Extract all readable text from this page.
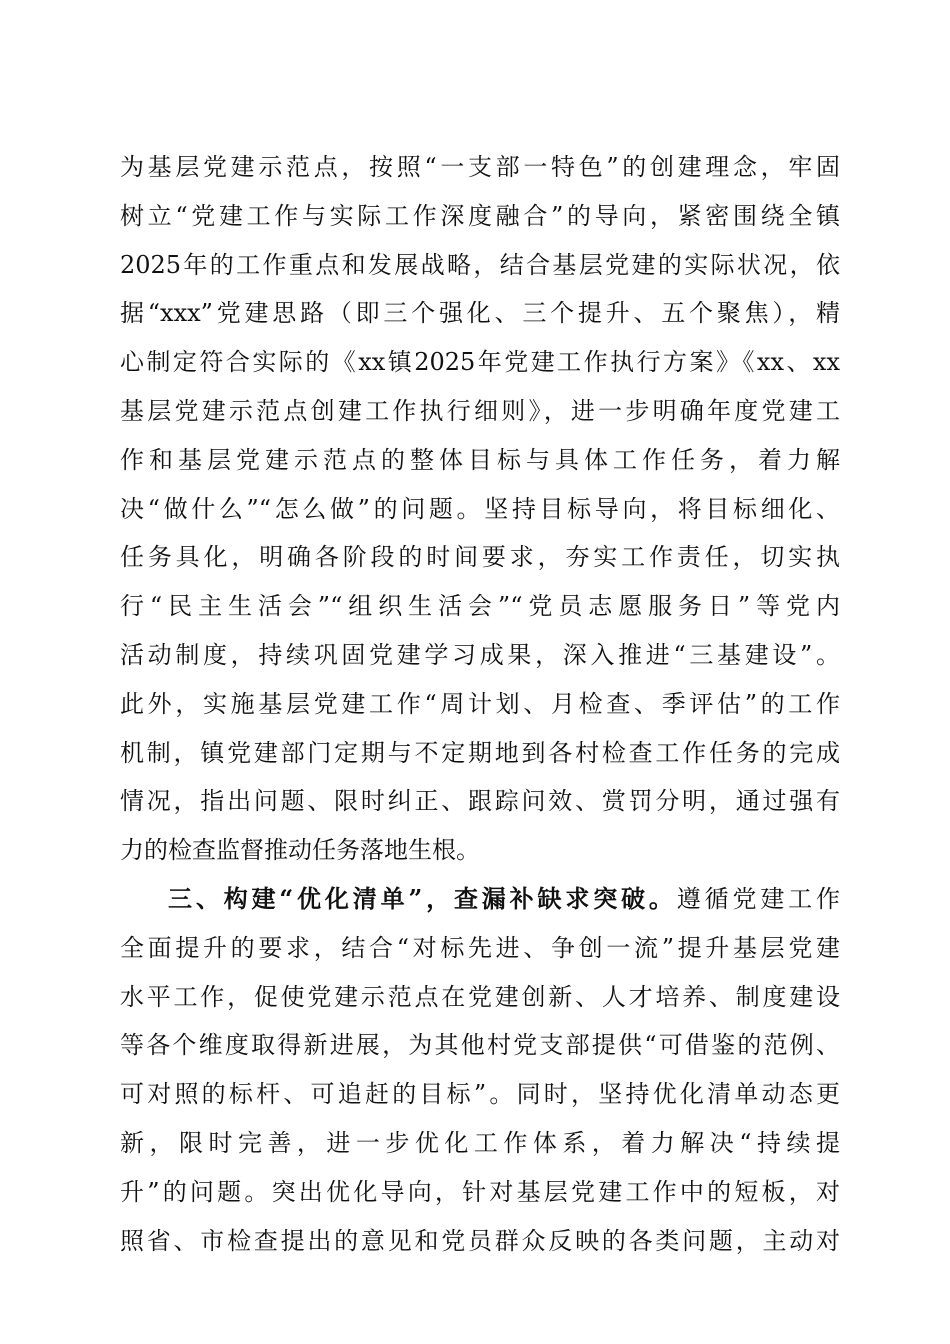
为基层党建示范点，按照“一支部一特色”的创建理念，牢固
树立“党建工作与实际工作深度融合”的导向，紧密围绕全镇
2025年的工作重点和发展战略，结合基层党建的实际状况，依
据“xxx”党建思路（即三个强化、三个提升、五个聚焦），精
心制定符合实际的《xx镇2025年党建工作执行方案》《xx、xx
基层党建示范点创建工作执行细则》，进一步明确年度党建工
作和基层党建示范点的整体目标与具体工作任务，着力解
决“做什么”“怎么做”的问题。坚持目标导向，将目标细化、
任务具化，明确各阶段的时间要求，夯实工作责任，切实执
行“民主生活会”“组织生活会”“党员志愿服务日”等党内
活动制度，持续巩固党建学习成果，深入推进“三基建设”。
此外，实施基层党建工作“周计划、月检查、季评估”的工作
机制，镇党建部门定期与不定期地到各村检查工作任务的完成
情况，指出问题、限时纠正、跟踪问效、赏罚分明，通过强有
力的检查监督推动任务落地生根。
三、构建“优化清单”，查漏补缺求突破。遵循党建工作
全面提升的要求，结合“对标先进、争创一流”提升基层党建
水平工作，促使党建示范点在党建创新、人才培养、制度建设
等各个维度取得新进展，为其他村党支部提供“可借鉴的范例、
可对照的标杆、可追赶的目标”。同时，坚持优化清单动态更
新，限时完善，进一步优化工作体系，着力解决“持续提
升”的问题。突出优化导向，针对基层党建工作中的短板，对
照省、市检查提出的意见和党员群众反映的各类问题，主动对
